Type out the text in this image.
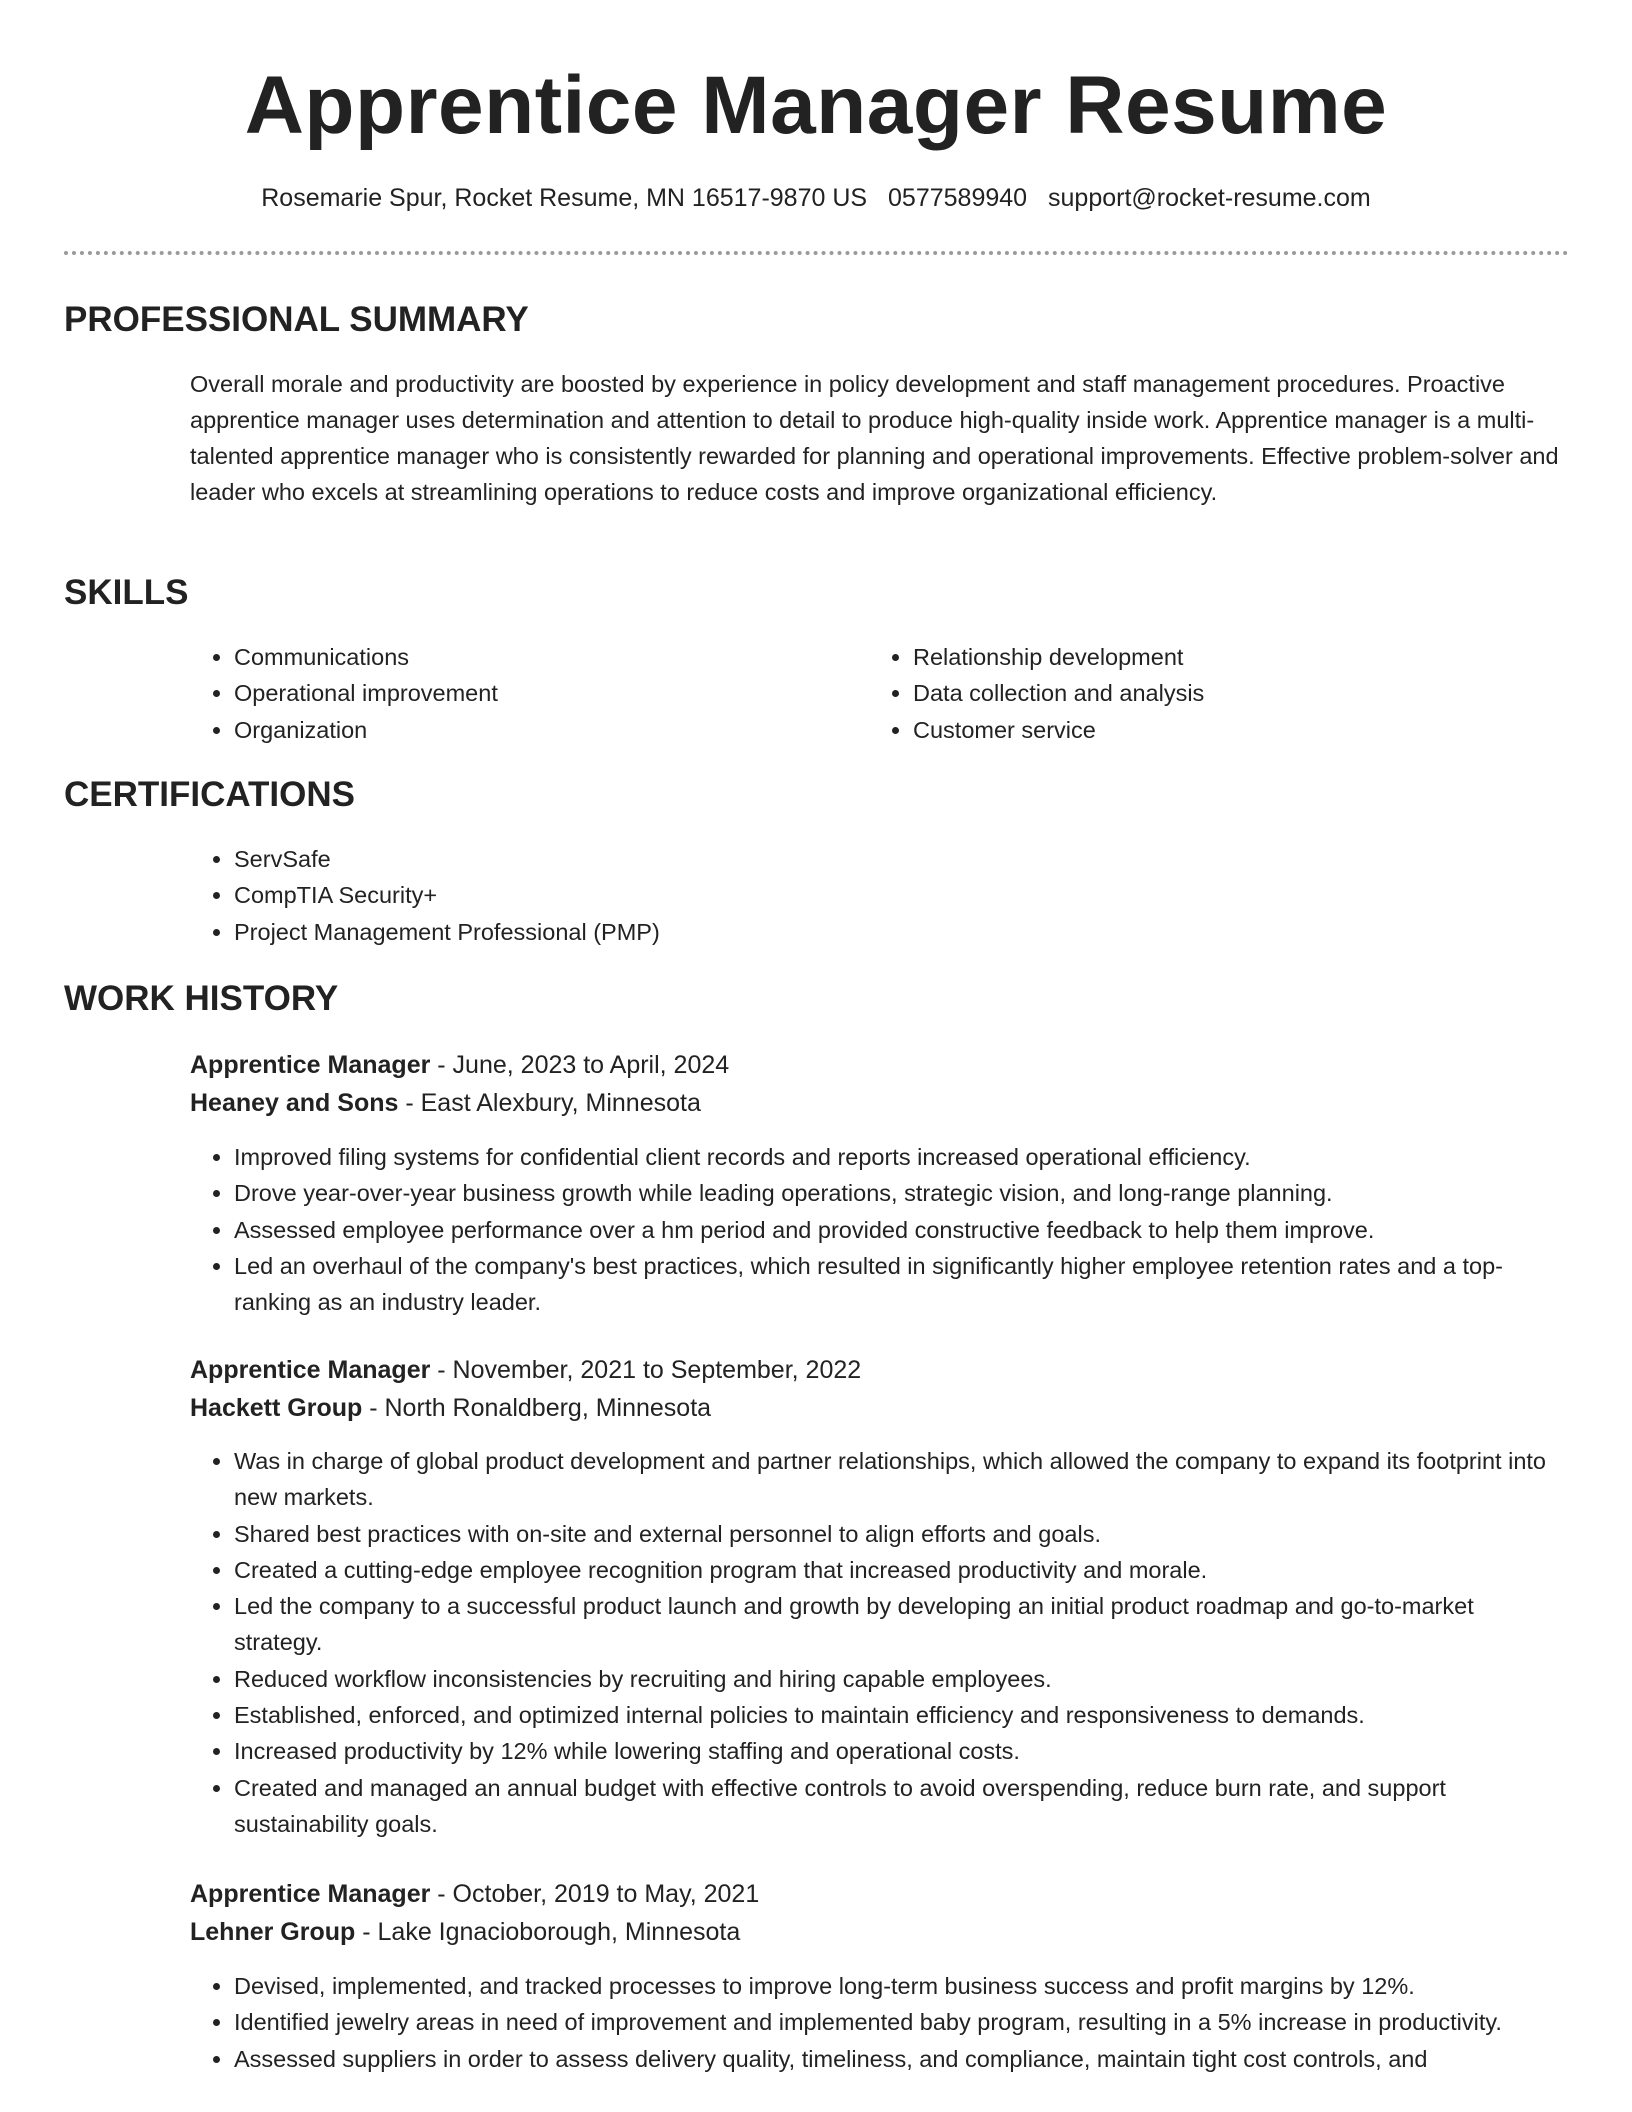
Apprentice Manager Resume
Rosemarie Spur, Rocket Resume, MN 16517-9870 US 0577589940 support@rocket-resume.com
PROFESSIONAL SUMMARY
Overall morale and productivity are boosted by experience in policy development and staff management procedures. Proactive apprentice manager uses determination and attention to detail to produce high-quality inside work. Apprentice manager is a multi-talented apprentice manager who is consistently rewarded for planning and operational improvements. Effective problem-solver and leader who excels at streamlining operations to reduce costs and improve organizational efficiency.
SKILLS
• Communications
• Operational improvement
• Organization
• Relationship development
• Data collection and analysis
• Customer service
CERTIFICATIONS
• ServSafe
• CompTIA Security+
• Project Management Professional (PMP)
WORK HISTORY
Apprentice Manager - June, 2023 to April, 2024
Heaney and Sons - East Alexbury, Minnesota
• Improved filing systems for confidential client records and reports increased operational efficiency.
• Drove year-over-year business growth while leading operations, strategic vision, and long-range planning.
• Assessed employee performance over a hm period and provided constructive feedback to help them improve.
• Led an overhaul of the company's best practices, which resulted in significantly higher employee retention rates and a top-ranking as an industry leader.
Apprentice Manager - November, 2021 to September, 2022
Hackett Group - North Ronaldberg, Minnesota
• Was in charge of global product development and partner relationships, which allowed the company to expand its footprint into new markets.
• Shared best practices with on-site and external personnel to align efforts and goals.
• Created a cutting-edge employee recognition program that increased productivity and morale.
• Led the company to a successful product launch and growth by developing an initial product roadmap and go-to-market strategy.
• Reduced workflow inconsistencies by recruiting and hiring capable employees.
• Established, enforced, and optimized internal policies to maintain efficiency and responsiveness to demands.
• Increased productivity by 12% while lowering staffing and operational costs.
• Created and managed an annual budget with effective controls to avoid overspending, reduce burn rate, and support sustainability goals.
Apprentice Manager - October, 2019 to May, 2021
Lehner Group - Lake Ignacioborough, Minnesota
• Devised, implemented, and tracked processes to improve long-term business success and profit margins by 12%.
• Identified jewelry areas in need of improvement and implemented baby program, resulting in a 5% increase in productivity.
• Assessed suppliers in order to assess delivery quality, timeliness, and compliance, maintain tight cost controls, and
